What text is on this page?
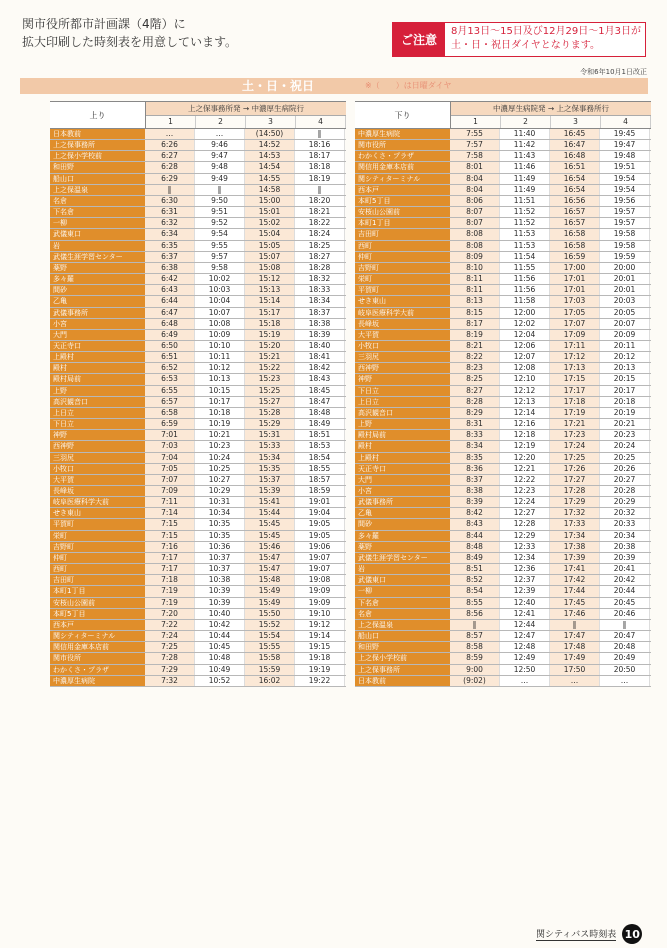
関市役所都市計画課（4階）に
拡大印刷した時刻表を用意しています。	ご注意
8月13日〜15日及び12月29日〜1月3日が
土・日・祝日ダイヤとなります。
令和6年10月1日改正
土・日・祝日	※（　　）は日曜ダイヤ
上り
上之保事務所発 → 中濃厚生病院行
1	2	3	4
日本教前	…	…	(14:50)	‖
上之保事務所	6:26	9:46	14:52	18:16
上之保小学校前	6:27	9:47	14:53	18:17
和田野	6:28	9:48	14:54	18:18
船山口	6:29	9:49	14:55	18:19
上之保温泉	‖	‖	14:58	‖
名倉	6:30	9:50	15:00	18:20
下名倉	6:31	9:51	15:01	18:21
一柳	6:32	9:52	15:02	18:22
武儀東口	6:34	9:54	15:04	18:24
岩	6:35	9:55	15:05	18:25
武儀生涯学習センター	6:37	9:57	15:07	18:27
薬野	6:38	9:58	15:08	18:28
多々羅	6:42	10:02	15:12	18:32
間砂	6:43	10:03	15:13	18:33
乙亀	6:44	10:04	15:14	18:34
武儀事務所	6:47	10:07	15:17	18:37
小宮	6:48	10:08	15:18	18:38
大門	6:49	10:09	15:19	18:39
天正寺口	6:50	10:10	15:20	18:40
上殿村	6:51	10:11	15:21	18:41
殿村	6:52	10:12	15:22	18:42
殿村局前	6:53	10:13	15:23	18:43
上野	6:55	10:15	15:25	18:45
高沢観音口	6:57	10:17	15:27	18:47
上日立	6:58	10:18	15:28	18:48
下日立	6:59	10:19	15:29	18:49
神野	7:01	10:21	15:31	18:51
西神野	7:03	10:23	15:33	18:53
三羽尻	7:04	10:24	15:34	18:54
小牧口	7:05	10:25	15:35	18:55
大平賀	7:07	10:27	15:37	18:57
長峰坂	7:09	10:29	15:39	18:59
岐阜医療科学大前	7:11	10:31	15:41	19:01
せき東山	7:14	10:34	15:44	19:04
平賀町	7:15	10:35	15:45	19:05
栄町	7:15	10:35	15:45	19:05
吉野町	7:16	10:36	15:46	19:06
仲町	7:17	10:37	15:47	19:07
西町	7:17	10:37	15:47	19:07
吉田町	7:18	10:38	15:48	19:08
本町1丁目	7:19	10:39	15:49	19:09
安桜山公園前	7:19	10:39	15:49	19:09
本町5丁目	7:20	10:40	15:50	19:10
西本戸	7:22	10:42	15:52	19:12
関シティターミナル	7:24	10:44	15:54	19:14
関信用金庫本店前	7:25	10:45	15:55	19:15
関市役所	7:28	10:48	15:58	19:18
わかくさ・プラザ	7:29	10:49	15:59	19:19
中濃厚生病院	7:32	10:52	16:02	19:22
下り
中濃厚生病院発 → 上之保事務所行
1	2	3	4
中濃厚生病院	7:55	11:40	16:45	19:45
関市役所	7:57	11:42	16:47	19:47
わかくさ・プラザ	7:58	11:43	16:48	19:48
関信用金庫本店前	8:01	11:46	16:51	19:51
関シティターミナル	8:04	11:49	16:54	19:54
西本戸	8:04	11:49	16:54	19:54
本町5丁目	8:06	11:51	16:56	19:56
安桜山公園前	8:07	11:52	16:57	19:57
本町1丁目	8:07	11:52	16:57	19:57
吉田町	8:08	11:53	16:58	19:58
西町	8:08	11:53	16:58	19:58
仲町	8:09	11:54	16:59	19:59
吉野町	8:10	11:55	17:00	20:00
栄町	8:11	11:56	17:01	20:01
平賀町	8:11	11:56	17:01	20:01
せき東山	8:13	11:58	17:03	20:03
岐阜医療科学大前	8:15	12:00	17:05	20:05
長峰坂	8:17	12:02	17:07	20:07
大平賀	8:19	12:04	17:09	20:09
小牧口	8:21	12:06	17:11	20:11
三羽尻	8:22	12:07	17:12	20:12
西神野	8:23	12:08	17:13	20:13
神野	8:25	12:10	17:15	20:15
下日立	8:27	12:12	17:17	20:17
上日立	8:28	12:13	17:18	20:18
高沢観音口	8:29	12:14	17:19	20:19
上野	8:31	12:16	17:21	20:21
殿村局前	8:33	12:18	17:23	20:23
殿村	8:34	12:19	17:24	20:24
上殿村	8:35	12:20	17:25	20:25
天正寺口	8:36	12:21	17:26	20:26
大門	8:37	12:22	17:27	20:27
小宮	8:38	12:23	17:28	20:28
武儀事務所	8:39	12:24	17:29	20:29
乙亀	8:42	12:27	17:32	20:32
間砂	8:43	12:28	17:33	20:33
多々羅	8:44	12:29	17:34	20:34
薬野	8:48	12:33	17:38	20:38
武儀生涯学習センター	8:49	12:34	17:39	20:39
岩	8:51	12:36	17:41	20:41
武儀東口	8:52	12:37	17:42	20:42
一柳	8:54	12:39	17:44	20:44
下名倉	8:55	12:40	17:45	20:45
名倉	8:56	12:41	17:46	20:46
上之保温泉	‖	12:44	‖	‖
船山口	8:57	12:47	17:47	20:47
和田野	8:58	12:48	17:48	20:48
上之保小学校前	8:59	12:49	17:49	20:49
上之保事務所	9:00	12:50	17:50	20:50
日本教前	(9:02)	…	…	…
関シティバス時刻表 10
